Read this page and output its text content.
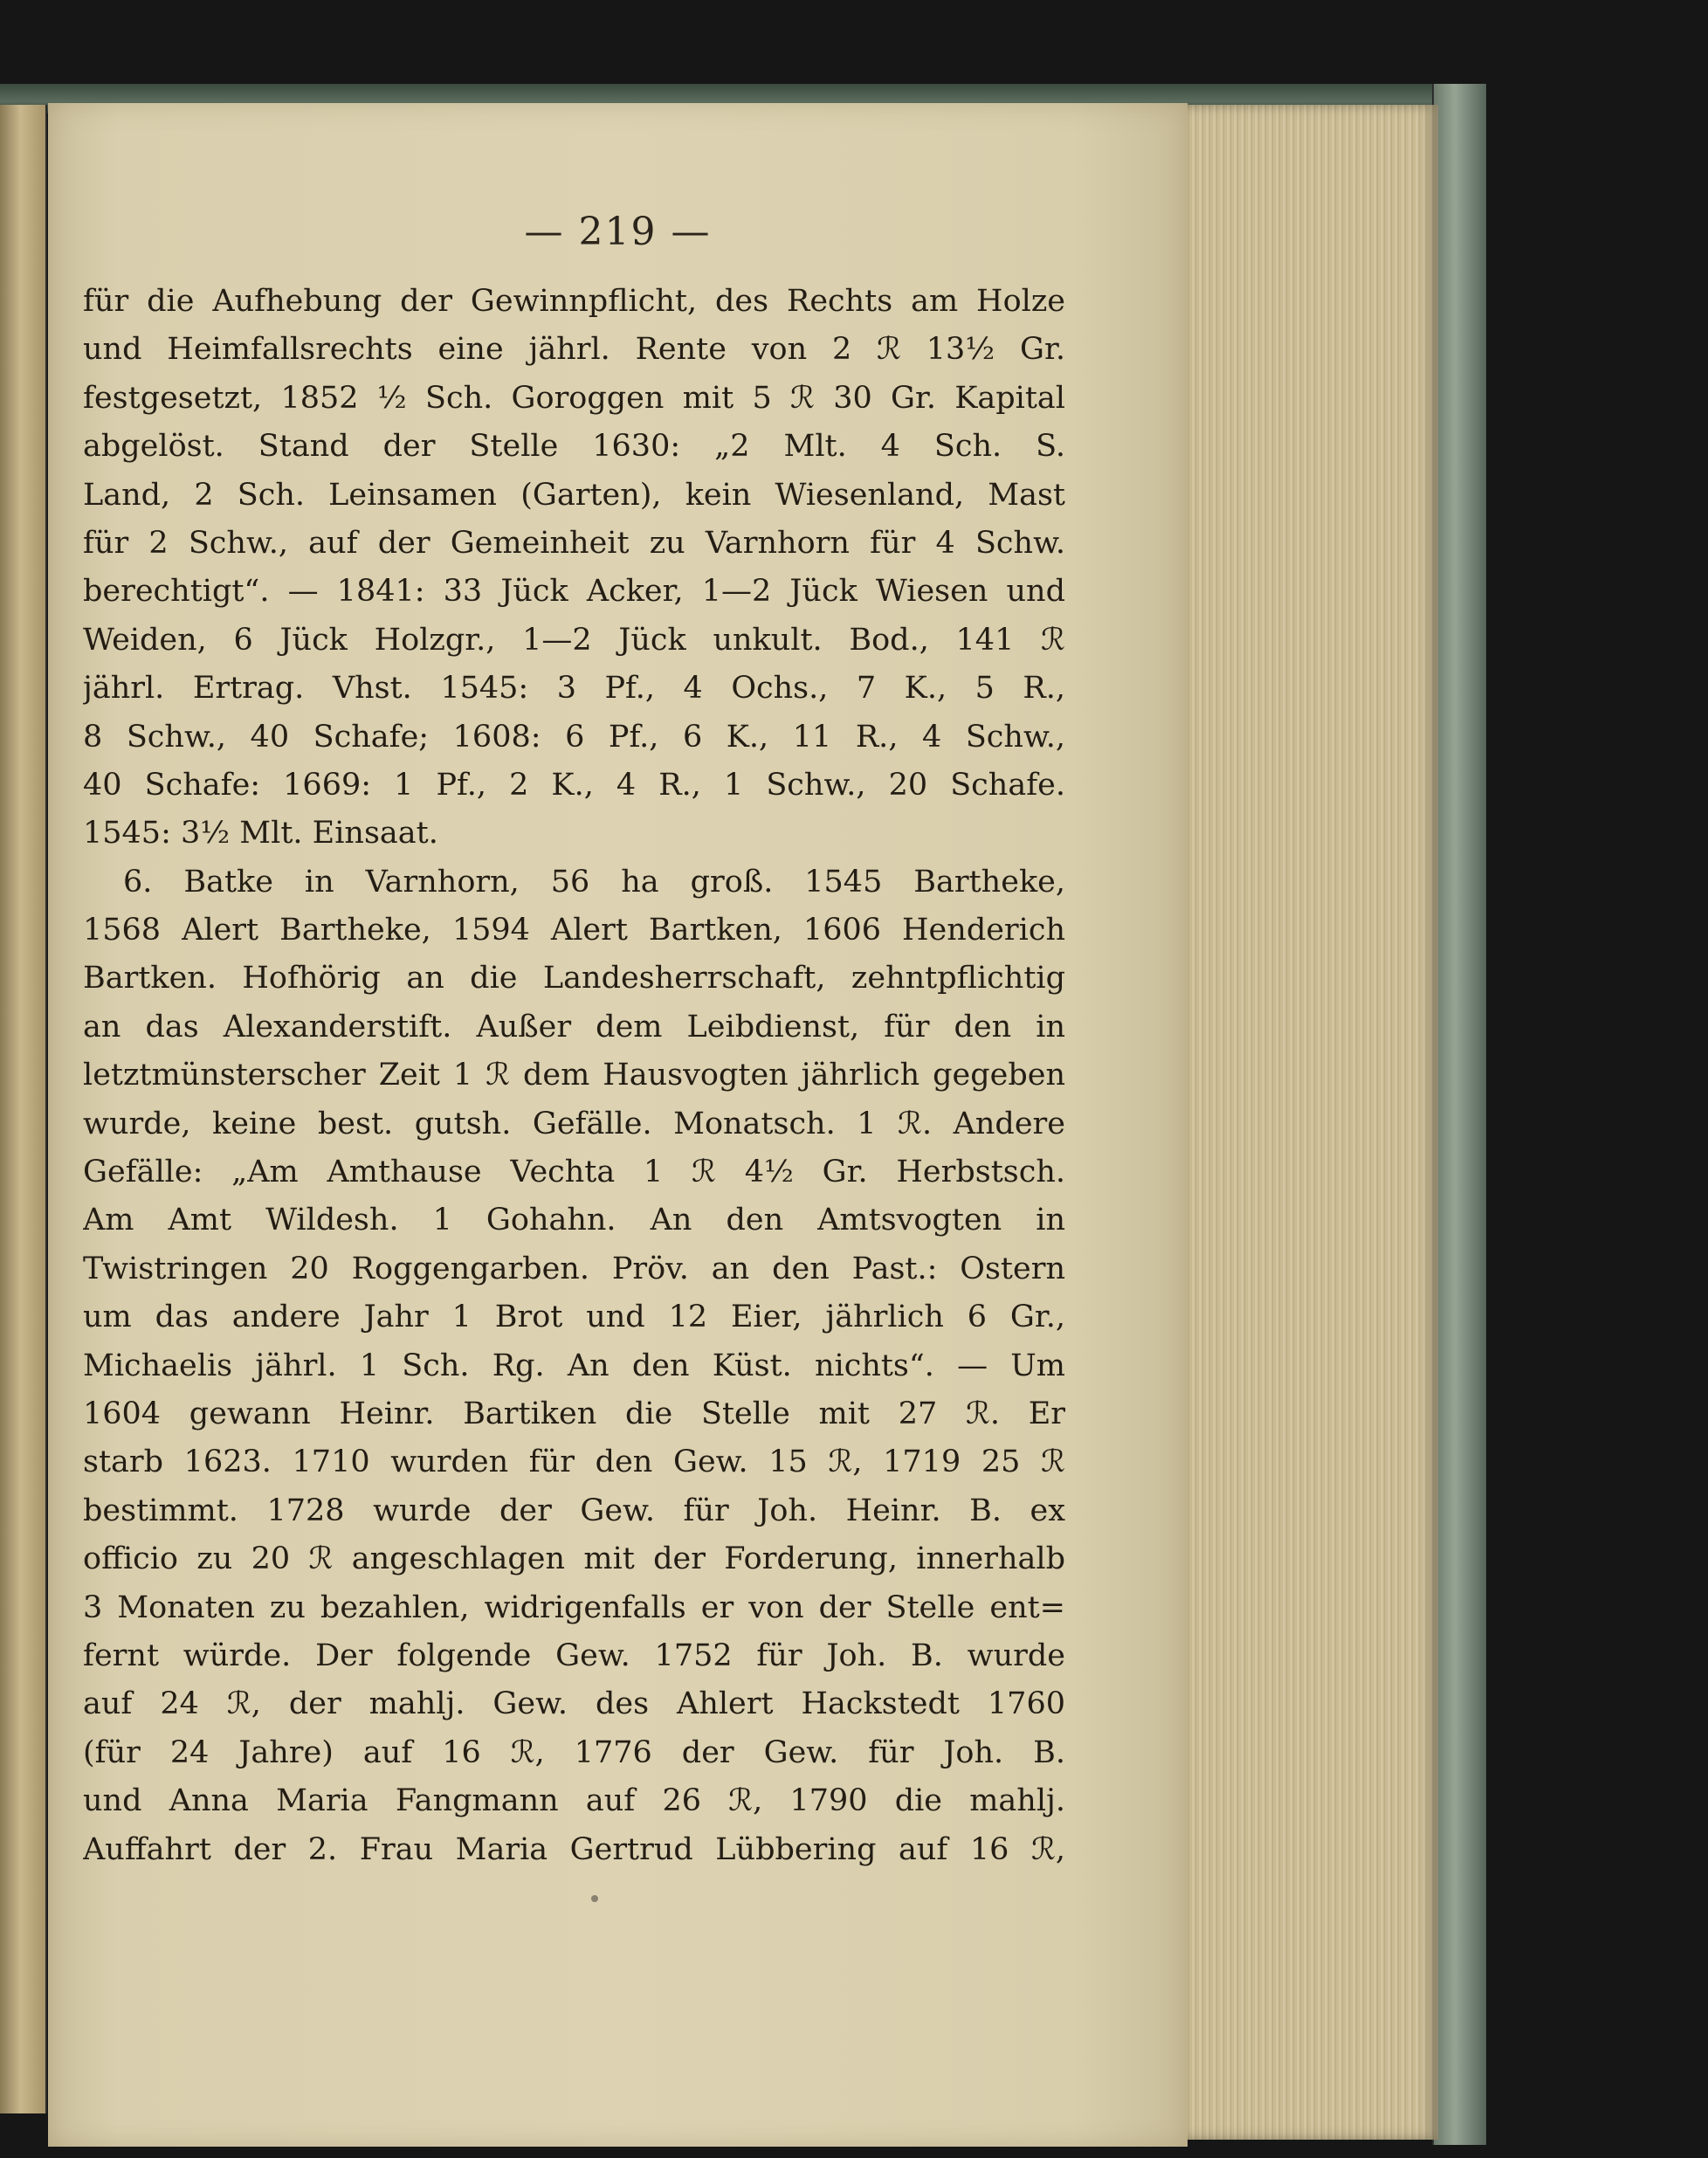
— 219 —
für die Aufhebung der Gewinnpflicht, des Rechts am Holze
und Heimfallsrechts eine jährl. Rente von 2 ℛ 13½ Gr.
festgesetzt, 1852 ½ Sch. Goroggen mit 5 ℛ 30 Gr. Kapital
abgelöst. Stand der Stelle 1630: „2 Mlt. 4 Sch. S.
Land, 2 Sch. Leinsamen (Garten), kein Wiesenland, Mast
für 2 Schw., auf der Gemeinheit zu Varnhorn für 4 Schw.
berechtigt“. — 1841: 33 Jück Acker, 1—2 Jück Wiesen und
Weiden, 6 Jück Holzgr., 1—2 Jück unkult. Bod., 141 ℛ
jährl. Ertrag. Vhst. 1545: 3 Pf., 4 Ochs., 7 K., 5 R.,
8 Schw., 40 Schafe; 1608: 6 Pf., 6 K., 11 R., 4 Schw.,
40 Schafe: 1669: 1 Pf., 2 K., 4 R., 1 Schw., 20 Schafe.
1545: 3½ Mlt. Einsaat.
6. Batke in Varnhorn, 56 ha groß. 1545 Bartheke,
1568 Alert Bartheke, 1594 Alert Bartken, 1606 Henderich
Bartken. Hofhörig an die Landesherrschaft, zehntpflichtig
an das Alexanderstift. Außer dem Leibdienst, für den in
letztmünsterscher Zeit 1 ℛ dem Hausvogten jährlich gegeben
wurde, keine best. gutsh. Gefälle. Monatsch. 1 ℛ. Andere
Gefälle: „Am Amthause Vechta 1 ℛ 4½ Gr. Herbstsch.
Am Amt Wildesh. 1 Gohahn. An den Amtsvogten in
Twistringen 20 Roggengarben. Pröv. an den Past.: Ostern
um das andere Jahr 1 Brot und 12 Eier, jährlich 6 Gr.,
Michaelis jährl. 1 Sch. Rg. An den Küst. nichts“. — Um
1604 gewann Heinr. Bartiken die Stelle mit 27 ℛ. Er
starb 1623. 1710 wurden für den Gew. 15 ℛ, 1719 25 ℛ
bestimmt. 1728 wurde der Gew. für Joh. Heinr. B. ex
officio zu 20 ℛ angeschlagen mit der Forderung, innerhalb
3 Monaten zu bezahlen, widrigenfalls er von der Stelle ent=
fernt würde. Der folgende Gew. 1752 für Joh. B. wurde
auf 24 ℛ, der mahlj. Gew. des Ahlert Hackstedt 1760
(für 24 Jahre) auf 16 ℛ, 1776 der Gew. für Joh. B.
und Anna Maria Fangmann auf 26 ℛ, 1790 die mahlj.
Auffahrt der 2. Frau Maria Gertrud Lübbering auf 16 ℛ,
